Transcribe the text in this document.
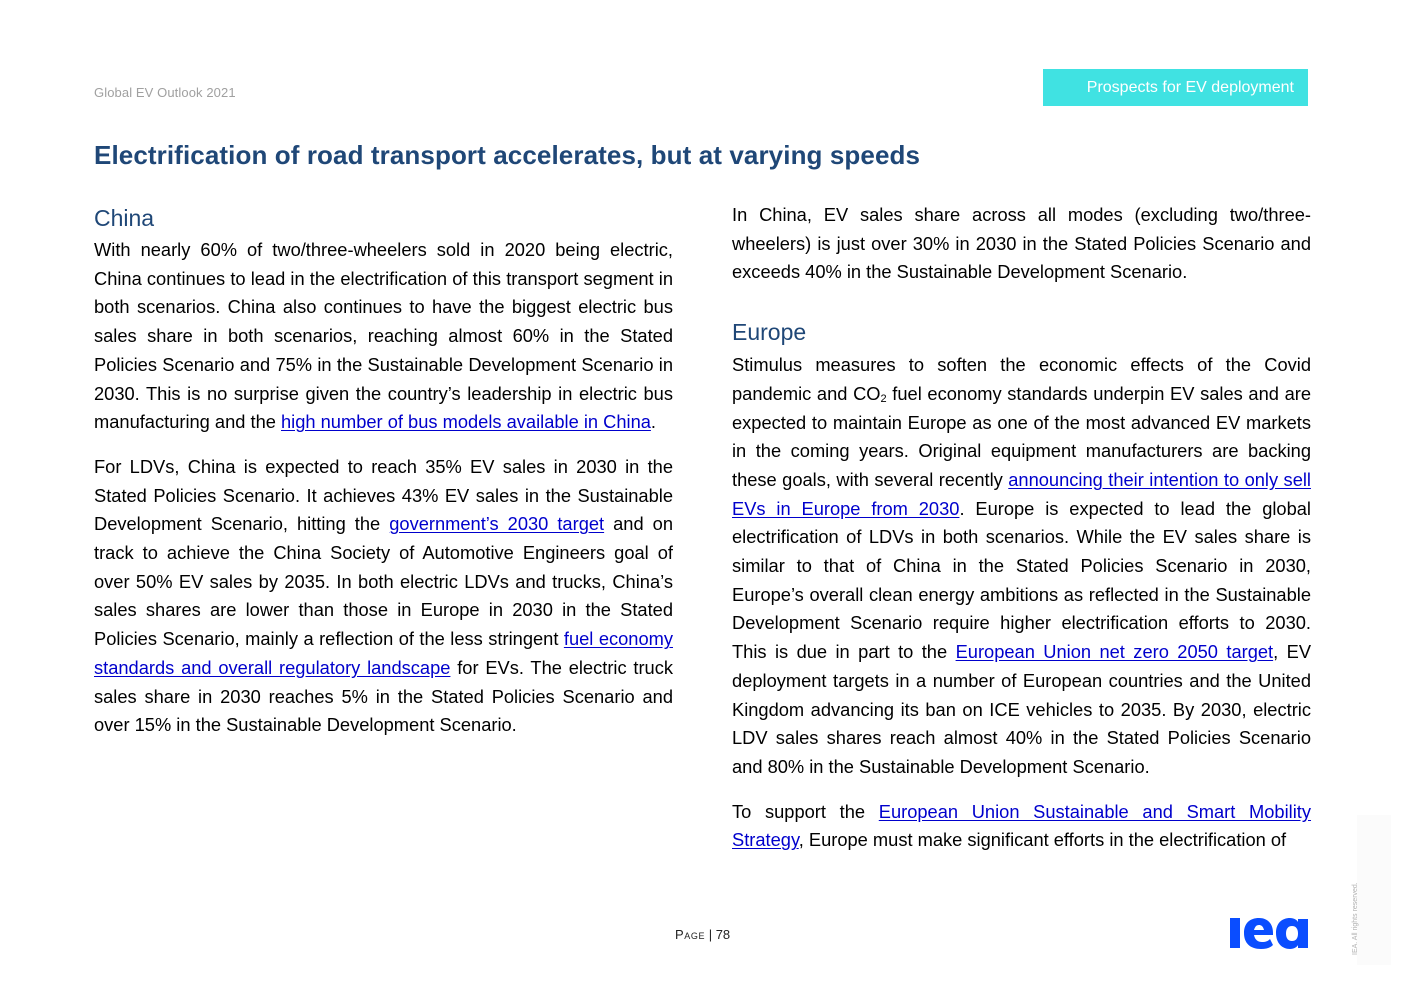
Global EV Outlook 2021	Prospects for EV deployment
Electrification of road transport accelerates, but at varying speeds
China

With nearly 60% of two/three-wheelers sold in 2020 being electric, China continues to lead in the electrification of this transport segment in both scenarios. China also continues to have the biggest electric bus sales share in both scenarios, reaching almost 60% in the Stated Policies Scenario and 75% in the Sustainable Development Scenario in 2030. This is no surprise given the country’s leadership in electric bus manufacturing and the high number of bus models available in China.

For LDVs, China is expected to reach 35% EV sales in 2030 in the Stated Policies Scenario. It achieves 43% EV sales in the Sustainable Development Scenario, hitting the government’s 2030 target and on track to achieve the China Society of Automotive Engineers goal of over 50% EV sales by 2035. In both electric LDVs and trucks, China’s sales shares are lower than those in Europe in 2030 in the Stated Policies Scenario, mainly a reflection of the less stringent fuel economy standards and overall regulatory landscape for EVs. The electric truck sales share in 2030 reaches 5% in the Stated Policies Scenario and over 15% in the Sustainable Development Scenario.

In China, EV sales share across all modes (excluding two/three-wheelers) is just over 30% in 2030 in the Stated Policies Scenario and exceeds 40% in the Sustainable Development Scenario.

Europe

Stimulus measures to soften the economic effects of the Covid pandemic and $CO_2$ fuel economy standards underpin EV sales and are expected to maintain Europe as one of the most advanced EV markets in the coming years. Original equipment manufacturers are backing these goals, with several recently announcing their intention to only sell EVs in Europe from 2030. Europe is expected to lead the global electrification of LDVs in both scenarios. While the EV sales share is similar to that of China in the Stated Policies Scenario in 2030, Europe’s overall clean energy ambitions as reflected in the Sustainable Development Scenario require higher electrification efforts to 2030. This is due in part to the European Union net zero 2050 target, EV deployment targets in a number of European countries and the United Kingdom advancing its ban on ICE vehicles to 2035. By 2030, electric LDV sales shares reach almost 40% in the Stated Policies Scenario and 80% in the Sustainable Development Scenario.

To support the European Union Sustainable and Smart Mobility Strategy, Europe must make significant efforts in the electrification of

Page | 78	IEA. All rights reserved.
